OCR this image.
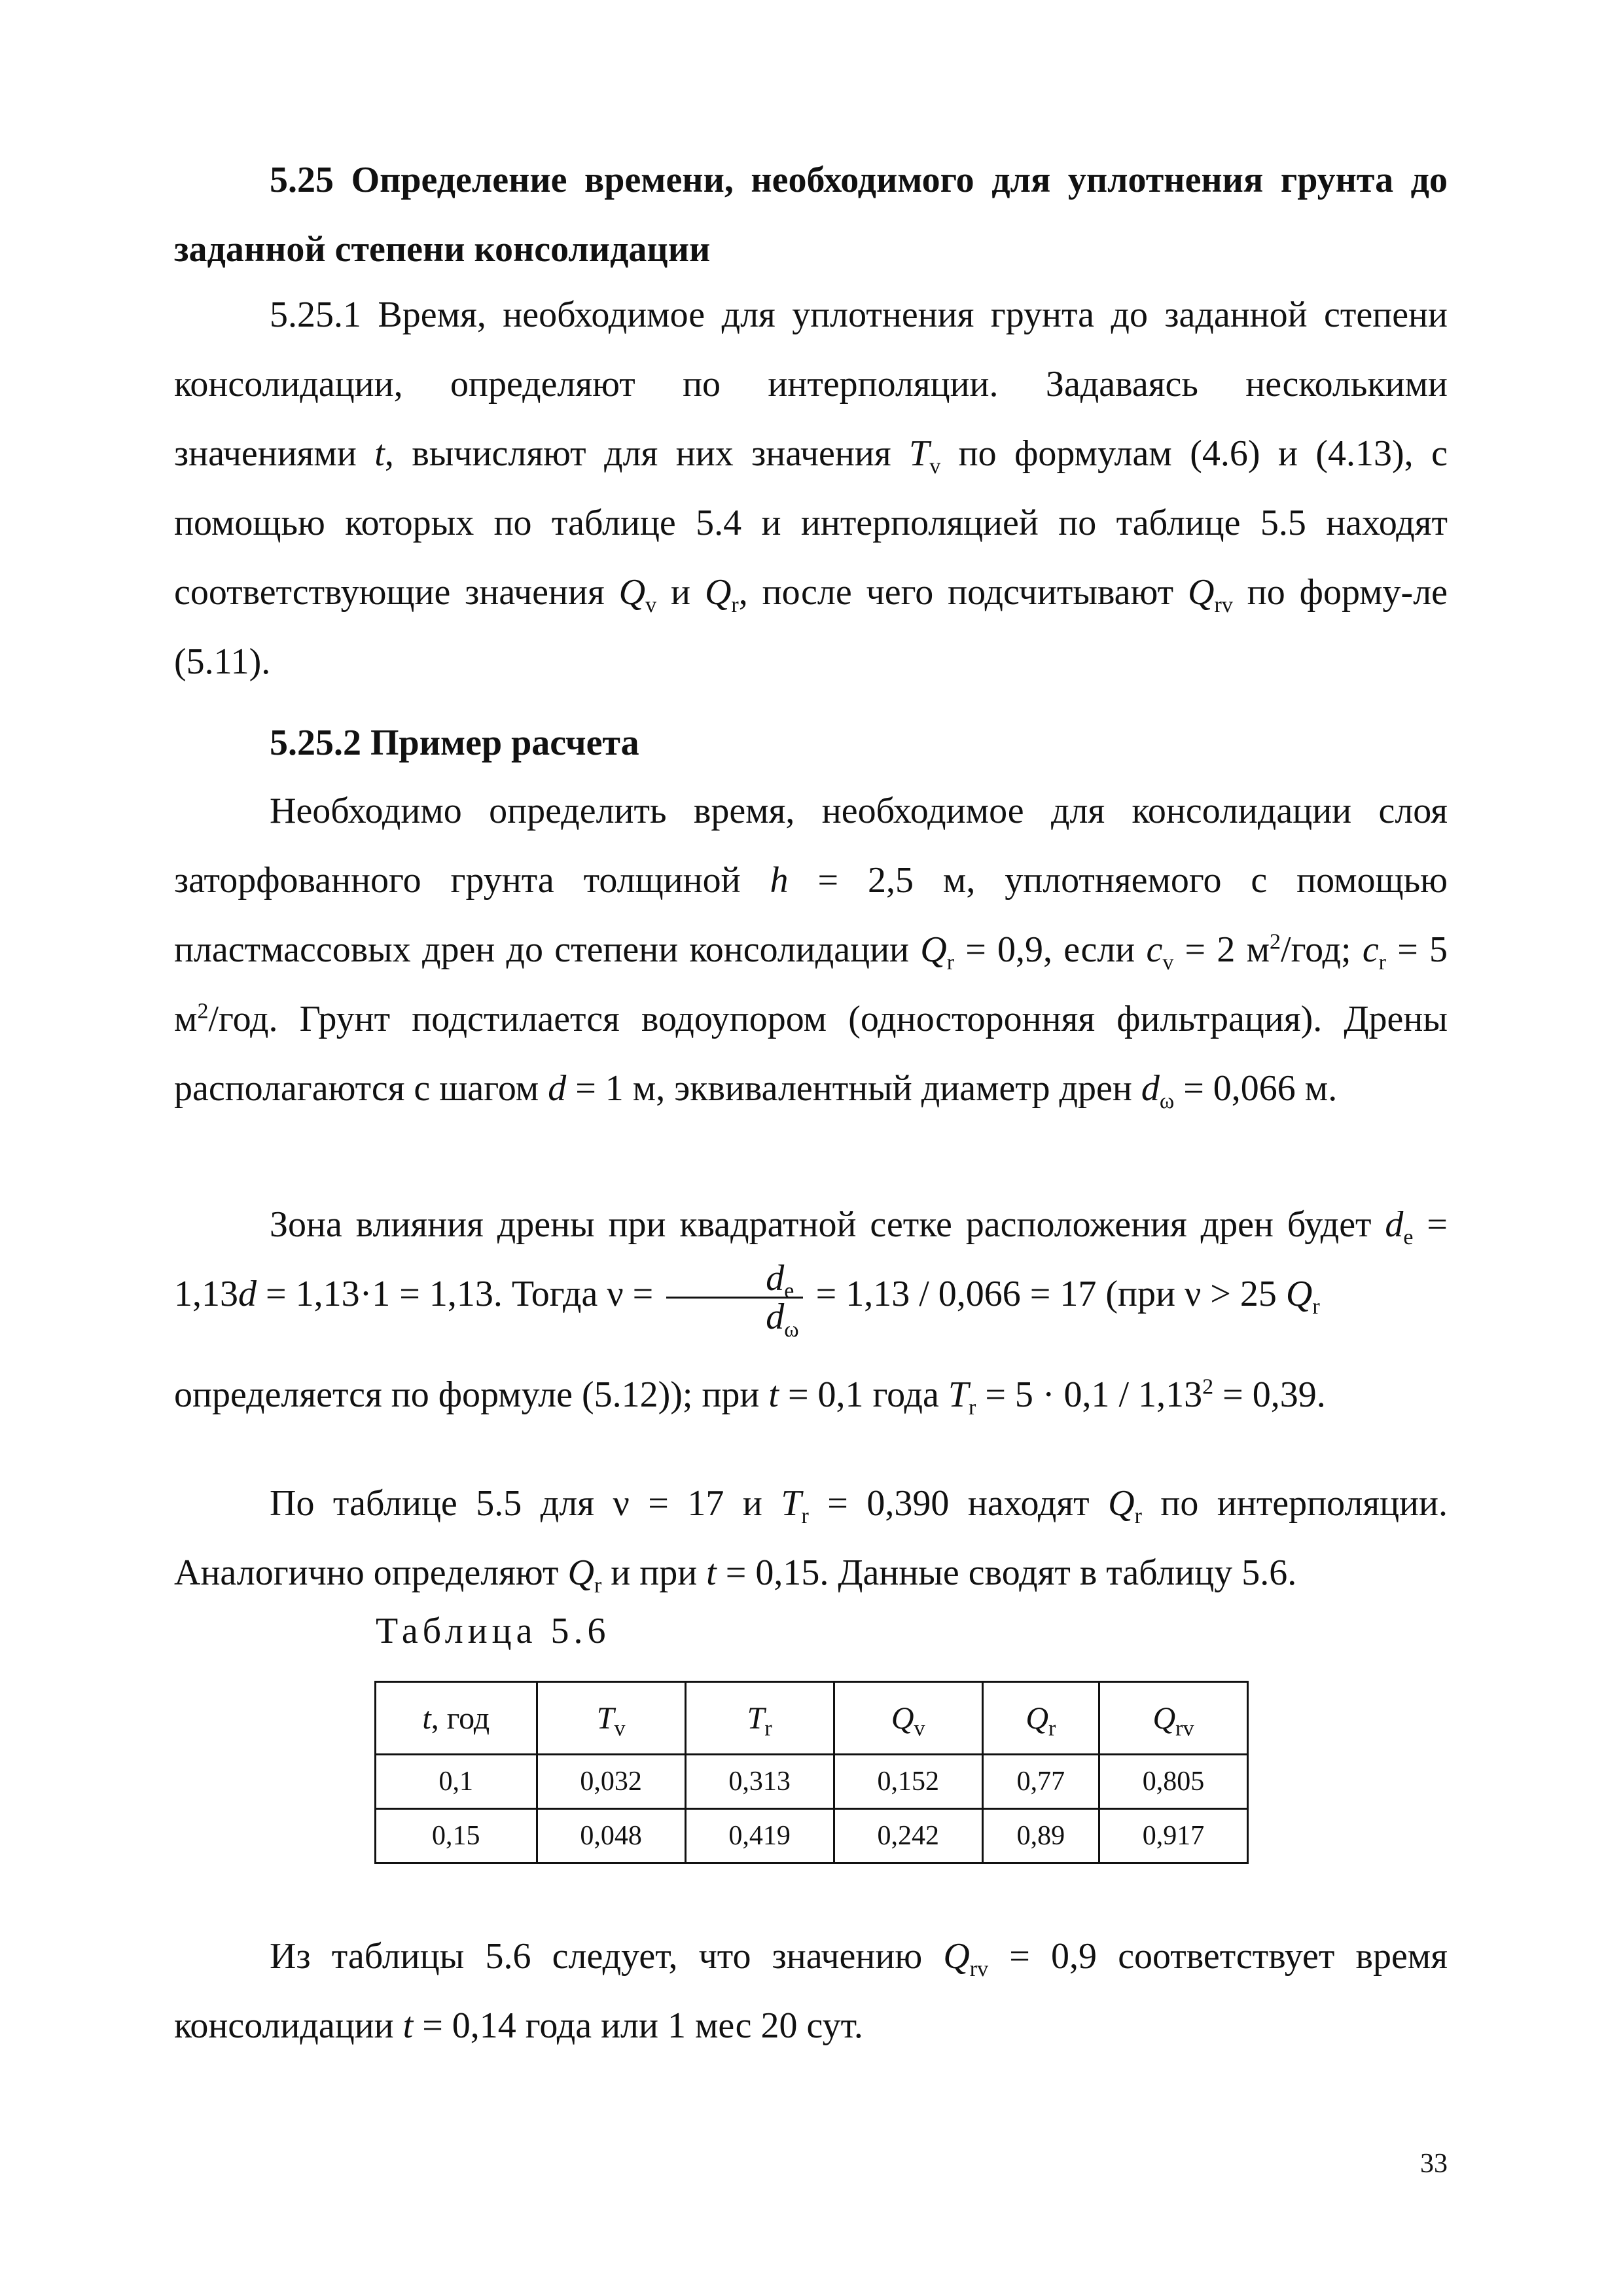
5.25 Определение времени, необходимого для уплотнения грунта до заданной степени консолидации
5.25.1 Время, необходимое для уплотнения грунта до заданной степени консолидации, определяют по интерполяции. Задаваясь несколькими значениями t, вычисляют для них значения $T_v$ по формулам (4.6) и (4.13), с помощью которых по таблице 5.4 и интерполяцией по таблице 5.5 находят соответствующие значения $Q_v$ и $Q_r$, после чего подсчитывают $Q_{rv}$ по форму-ле (5.11).
5.25.2 Пример расчета
Необходимо определить время, необходимое для консолидации слоя заторфованного грунта толщиной h = 2,5 м, уплотняемого с помощью пластмассовых дрен до степени консолидации $Q_r = 0,9$, если $c_v = 2$ $м^2$/год; $c_r = 5$ $м^2$/год. Грунт подстилается водоупором (односторонняя фильтрация). Дрены располагаются с шагом d = 1 м, эквивалентный диаметр дрен $d_\omega = 0,066$ м.
Зона влияния дрены при квадратной сетке расположения дрен будет $d_e = 1,13d = 1,13\cdot 1 = 1,13$. Тогда $\nu = \frac{d_e}{d_\omega} = 1,13 / 0,066 = 17$ (при ν > 25 $Q_r$
определяется по формуле (5.12)); при t = 0,1 года $T_r = 5 \cdot 0,1 / 1,13^2 = 0,39$.
По таблице 5.5 для ν = 17 и $T_r = 0,390$ находят $Q_r$ по интерполяции. Аналогично определяют $Q_r$ и при t = 0,15. Данные сводят в таблицу 5.6.
Таблица 5.6
t, год	$T_v$	$T_r$	$Q_v$	$Q_r$	$Q_{rv}$
0,1	0,032	0,313	0,152	0,77	0,805
0,15	0,048	0,419	0,242	0,89	0,917
Из таблицы 5.6 следует, что значению $Q_{rv} = 0,9$ соответствует время консолидации t = 0,14 года или 1 мес 20 сут.
33
